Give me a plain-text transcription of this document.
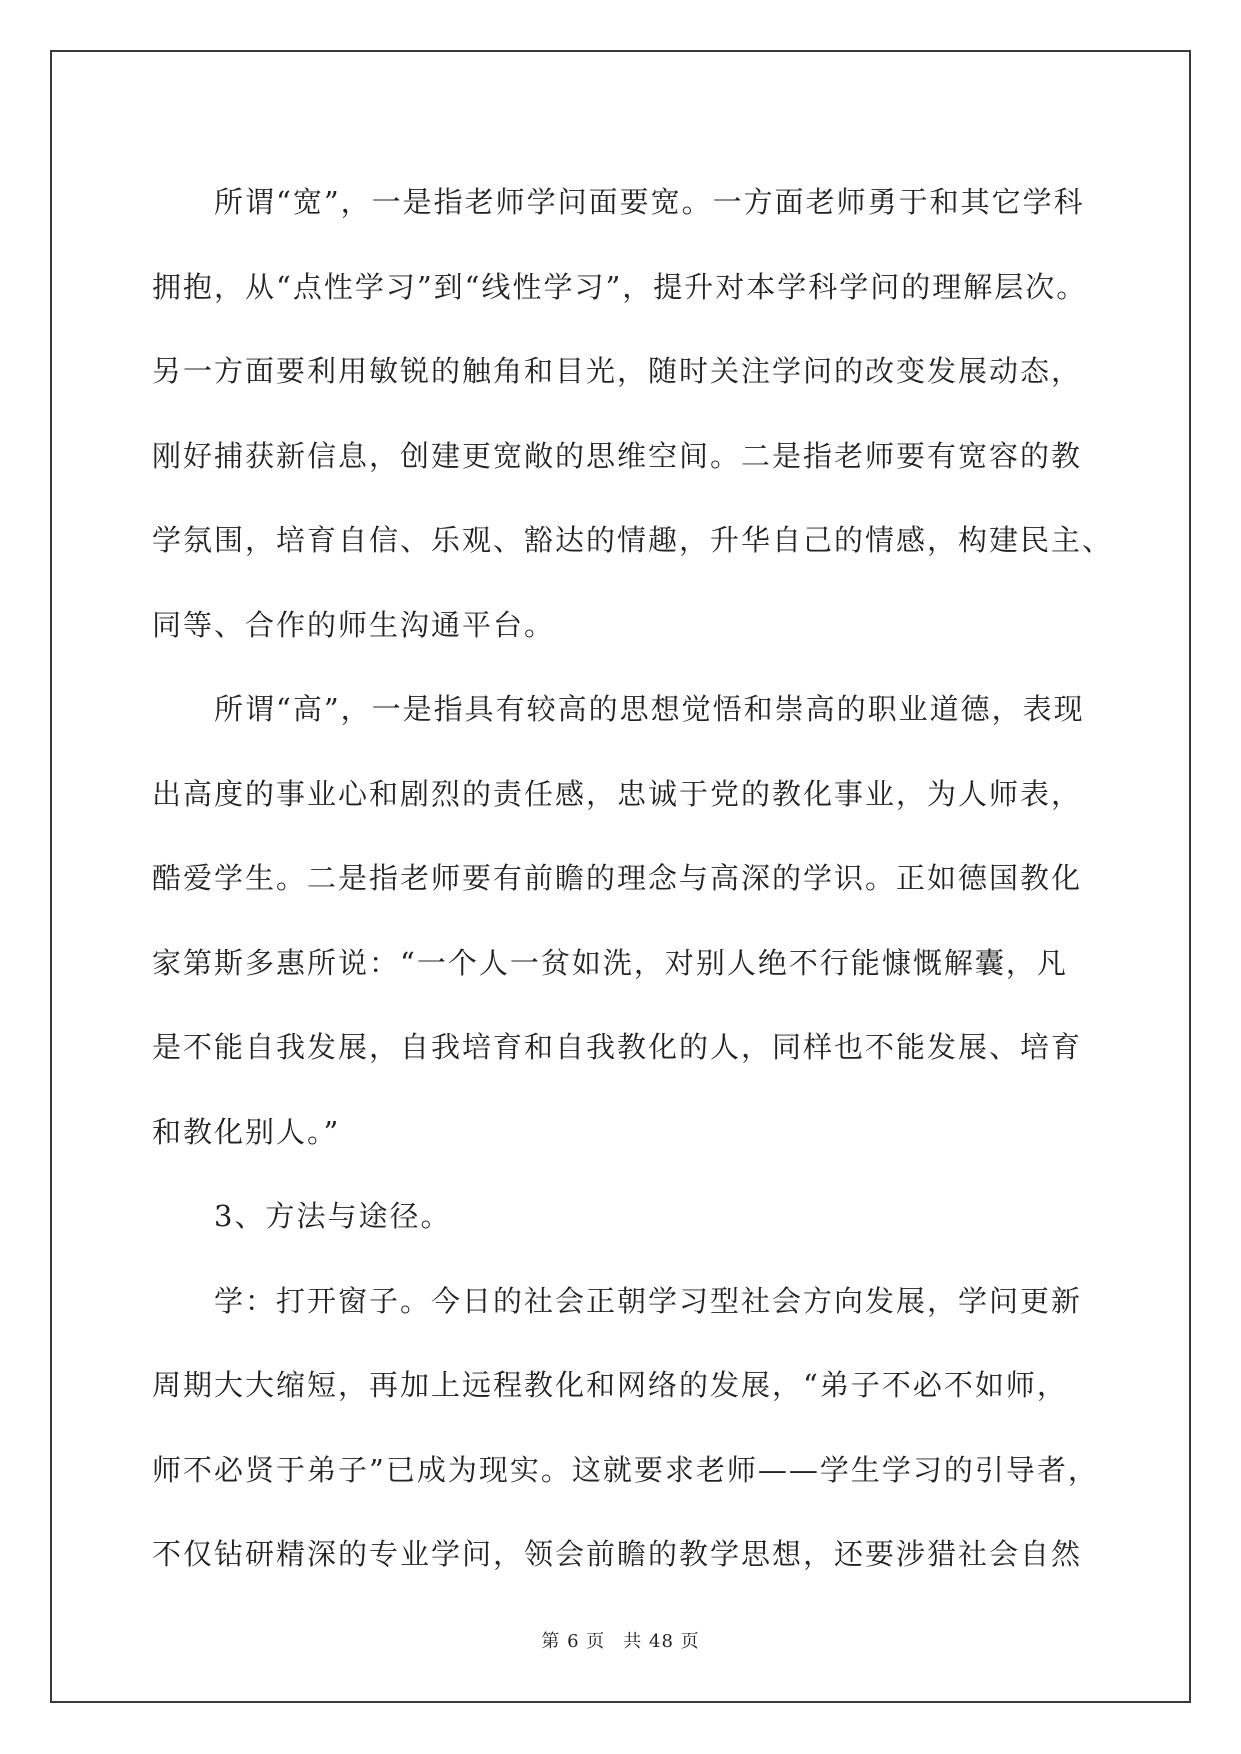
所谓“宽”，一是指老师学问面要宽。一方面老师勇于和其它学科
拥抱，从“点性学习”到“线性学习”，提升对本学科学问的理解层次。
另一方面要利用敏锐的触角和目光，随时关注学问的改变发展动态，
刚好捕获新信息，创建更宽敞的思维空间。二是指老师要有宽容的教
学氛围，培育自信、乐观、豁达的情趣，升华自己的情感，构建民主、
同等、合作的师生沟通平台。
所谓“高”，一是指具有较高的思想觉悟和崇高的职业道德，表现
出高度的事业心和剧烈的责任感，忠诚于党的教化事业，为人师表，
酷爱学生。二是指老师要有前瞻的理念与高深的学识。正如德国教化
家第斯多惠所说：“一个人一贫如洗，对别人绝不行能慷慨解囊，凡
是不能自我发展，自我培育和自我教化的人，同样也不能发展、培育
和教化别人。”
3、方法与途径。
学：打开窗子。今日的社会正朝学习型社会方向发展，学问更新
周期大大缩短，再加上远程教化和网络的发展，“弟子不必不如师，
师不必贤于弟子”已成为现实。这就要求老师——学生学习的引导者，
不仅钻研精深的专业学问，领会前瞻的教学思想，还要涉猎社会自然
第 6 页 共 48 页
